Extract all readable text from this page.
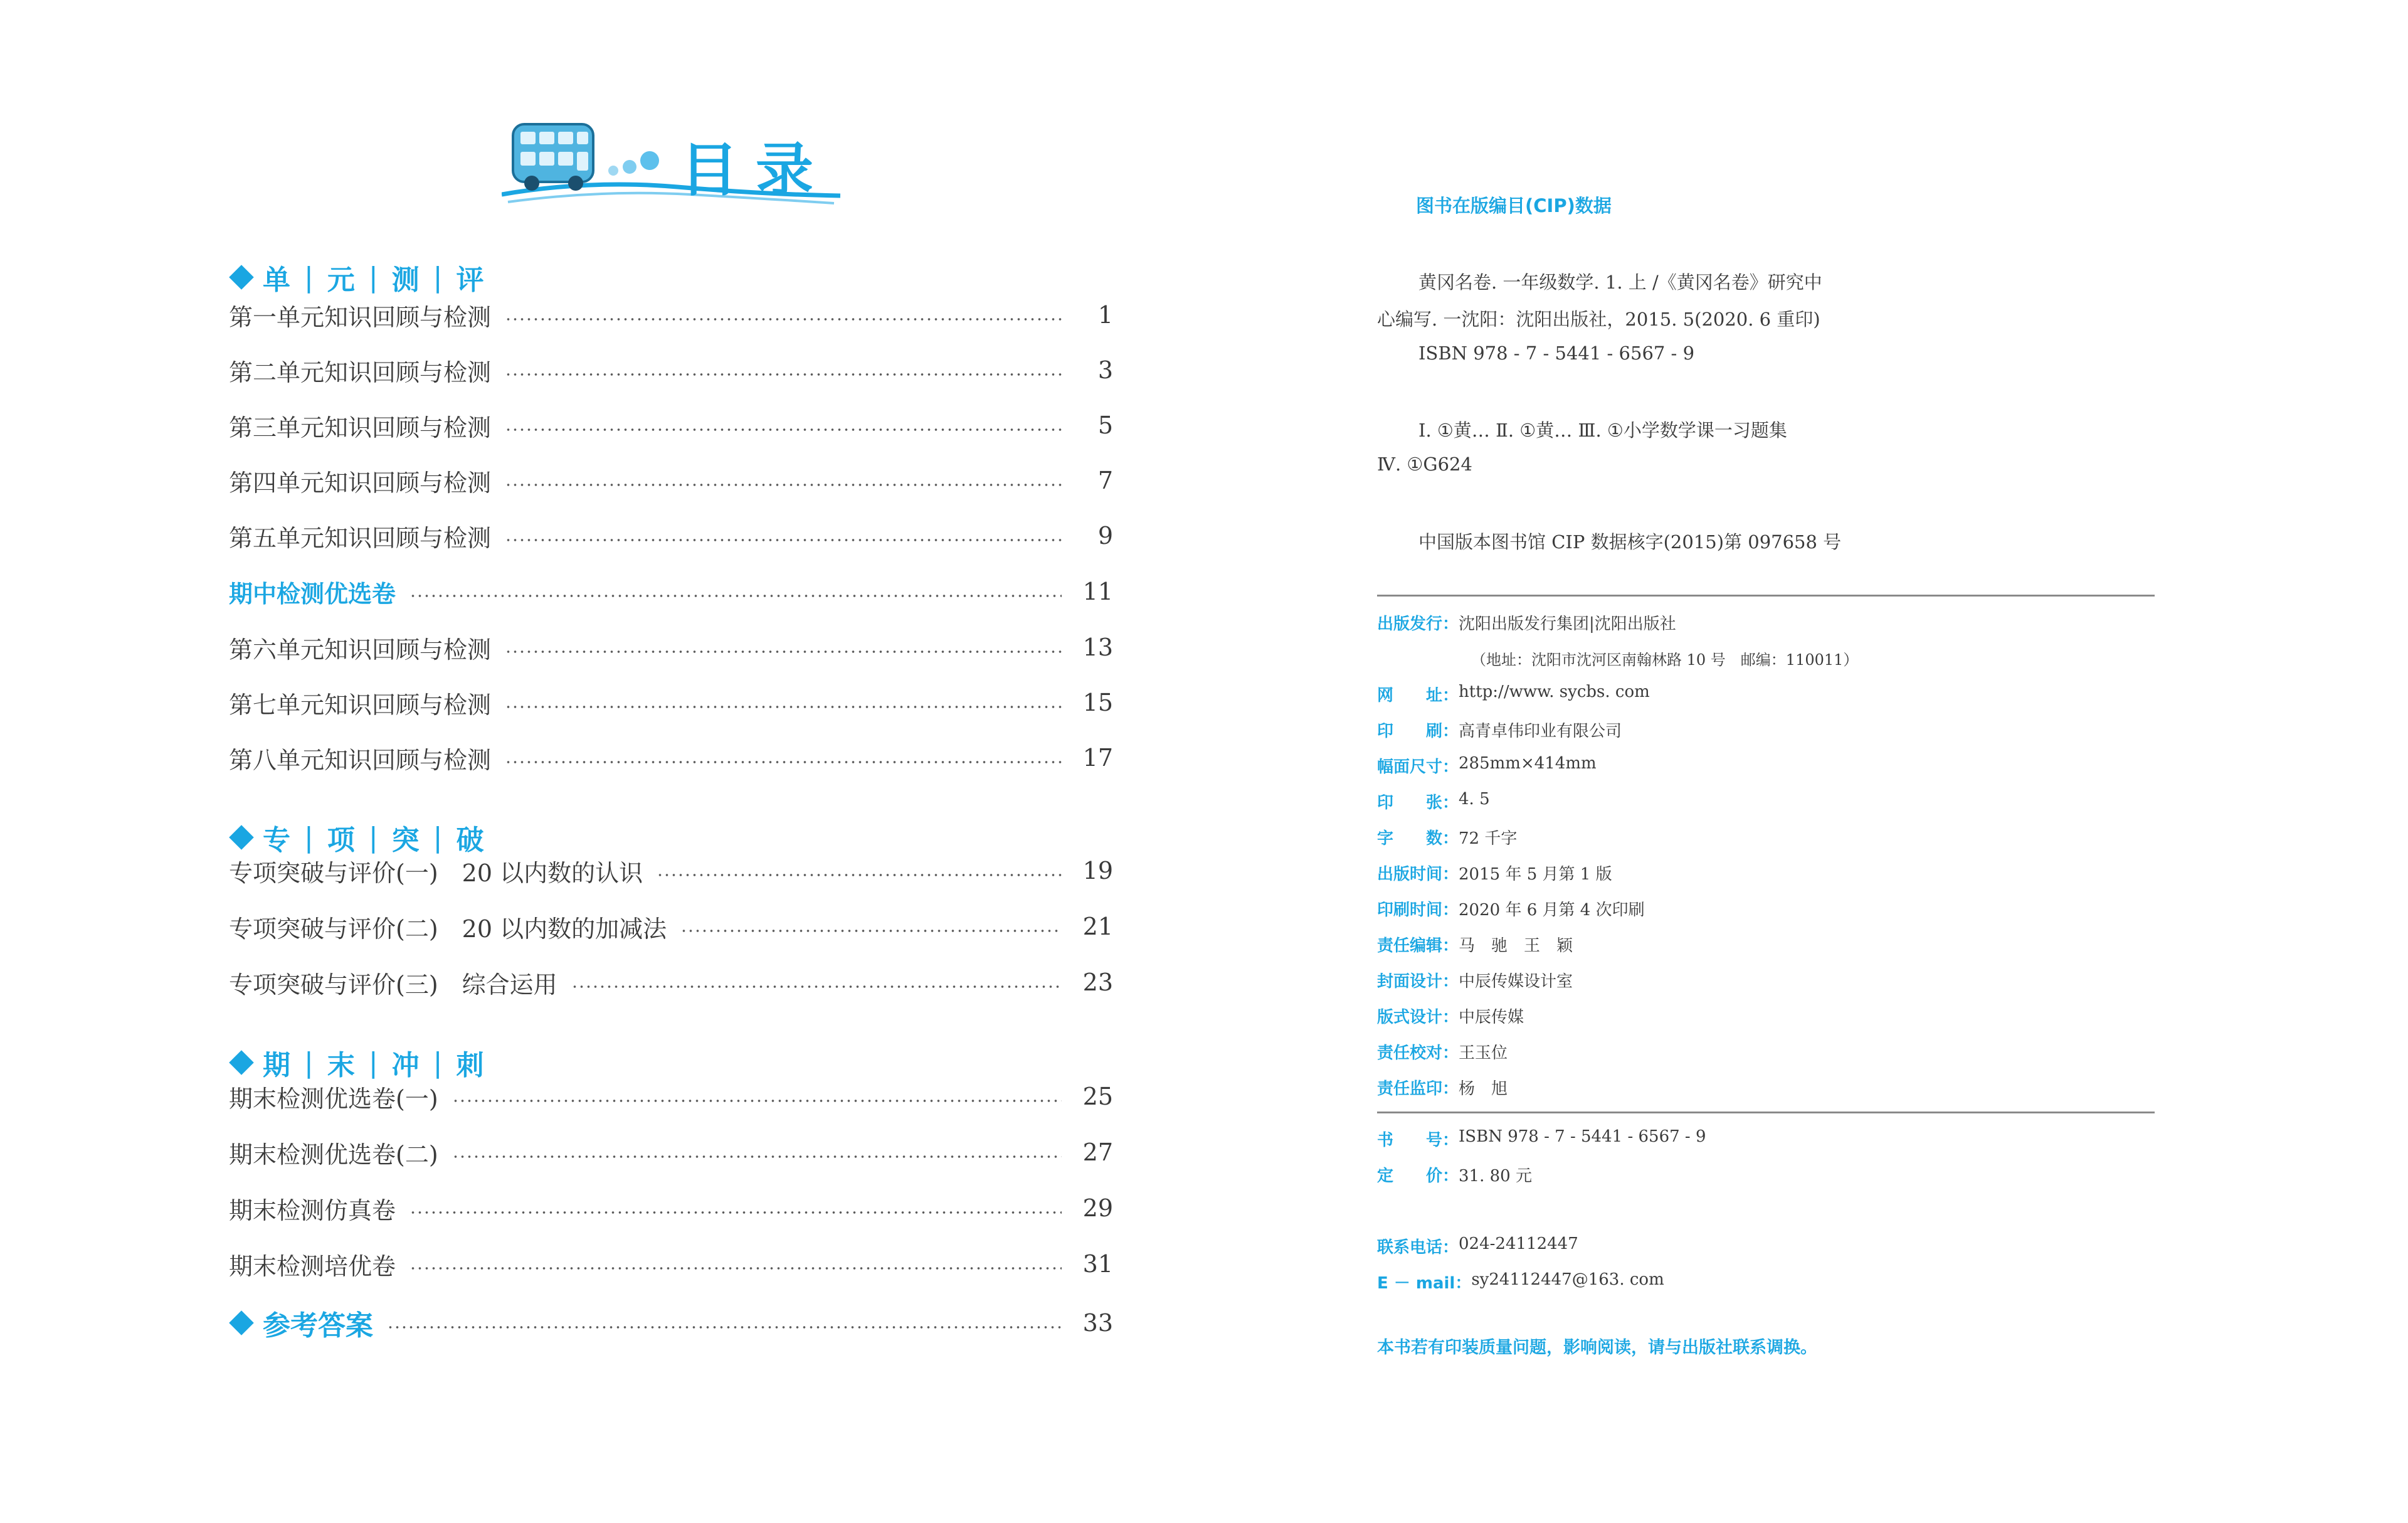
目录
单 | 元 | 测 | 评
第一单元知识回顾与检测	1
第二单元知识回顾与检测	3
第三单元知识回顾与检测	5
第四单元知识回顾与检测	7
第五单元知识回顾与检测	9
期中检测优选卷	11
第六单元知识回顾与检测	13
第七单元知识回顾与检测	15
第八单元知识回顾与检测	17
专 | 项 | 突 | 破
专项突破与评价(一)　20 以内数的认识	19
专项突破与评价(二)　20 以内数的加减法	21
专项突破与评价(三)　综合运用	23
期 | 末 | 冲 | 刺
期末检测优选卷(一)	25
期末检测优选卷(二)	27
期末检测仿真卷	29
期末检测培优卷	31
参考答案	33
图书在版编目(CIP)数据
黄冈名卷. 一年级数学. 1. 上 /《黄冈名卷》研究中
心编写. 一沈阳：沈阳出版社，2015. 5(2020. 6 重印)
ISBN 978 - 7 - 5441 - 6567 - 9
Ⅰ. ①黄… Ⅱ. ①黄… Ⅲ. ①小学数学课一习题集
Ⅳ. ①G624
中国版本图书馆 CIP 数据核字(2015)第 097658 号
出版发行： 沈阳出版发行集团|沈阳出版社
（地址：沈阳市沈河区南翰林路 10 号　邮编：110011）
网　　址： http://www. sycbs. com
印　　刷： 高青卓伟印业有限公司
幅面尺寸： 285mm×414mm
印　　张： 4. 5
字　　数： 72 千字
出版时间： 2015 年 5 月第 1 版
印刷时间： 2020 年 6 月第 4 次印刷
责任编辑： 马　驰　王　颖
封面设计： 中辰传媒设计室
版式设计： 中辰传媒
责任校对： 王玉位
责任监印： 杨　旭
书　　号： ISBN 978 - 7 - 5441 - 6567 - 9
定　　价： 31. 80 元
联系电话： 024-24112447
E － mail： sy24112447@163. com
本书若有印装质量问题，影响阅读，请与出版社联系调换。
